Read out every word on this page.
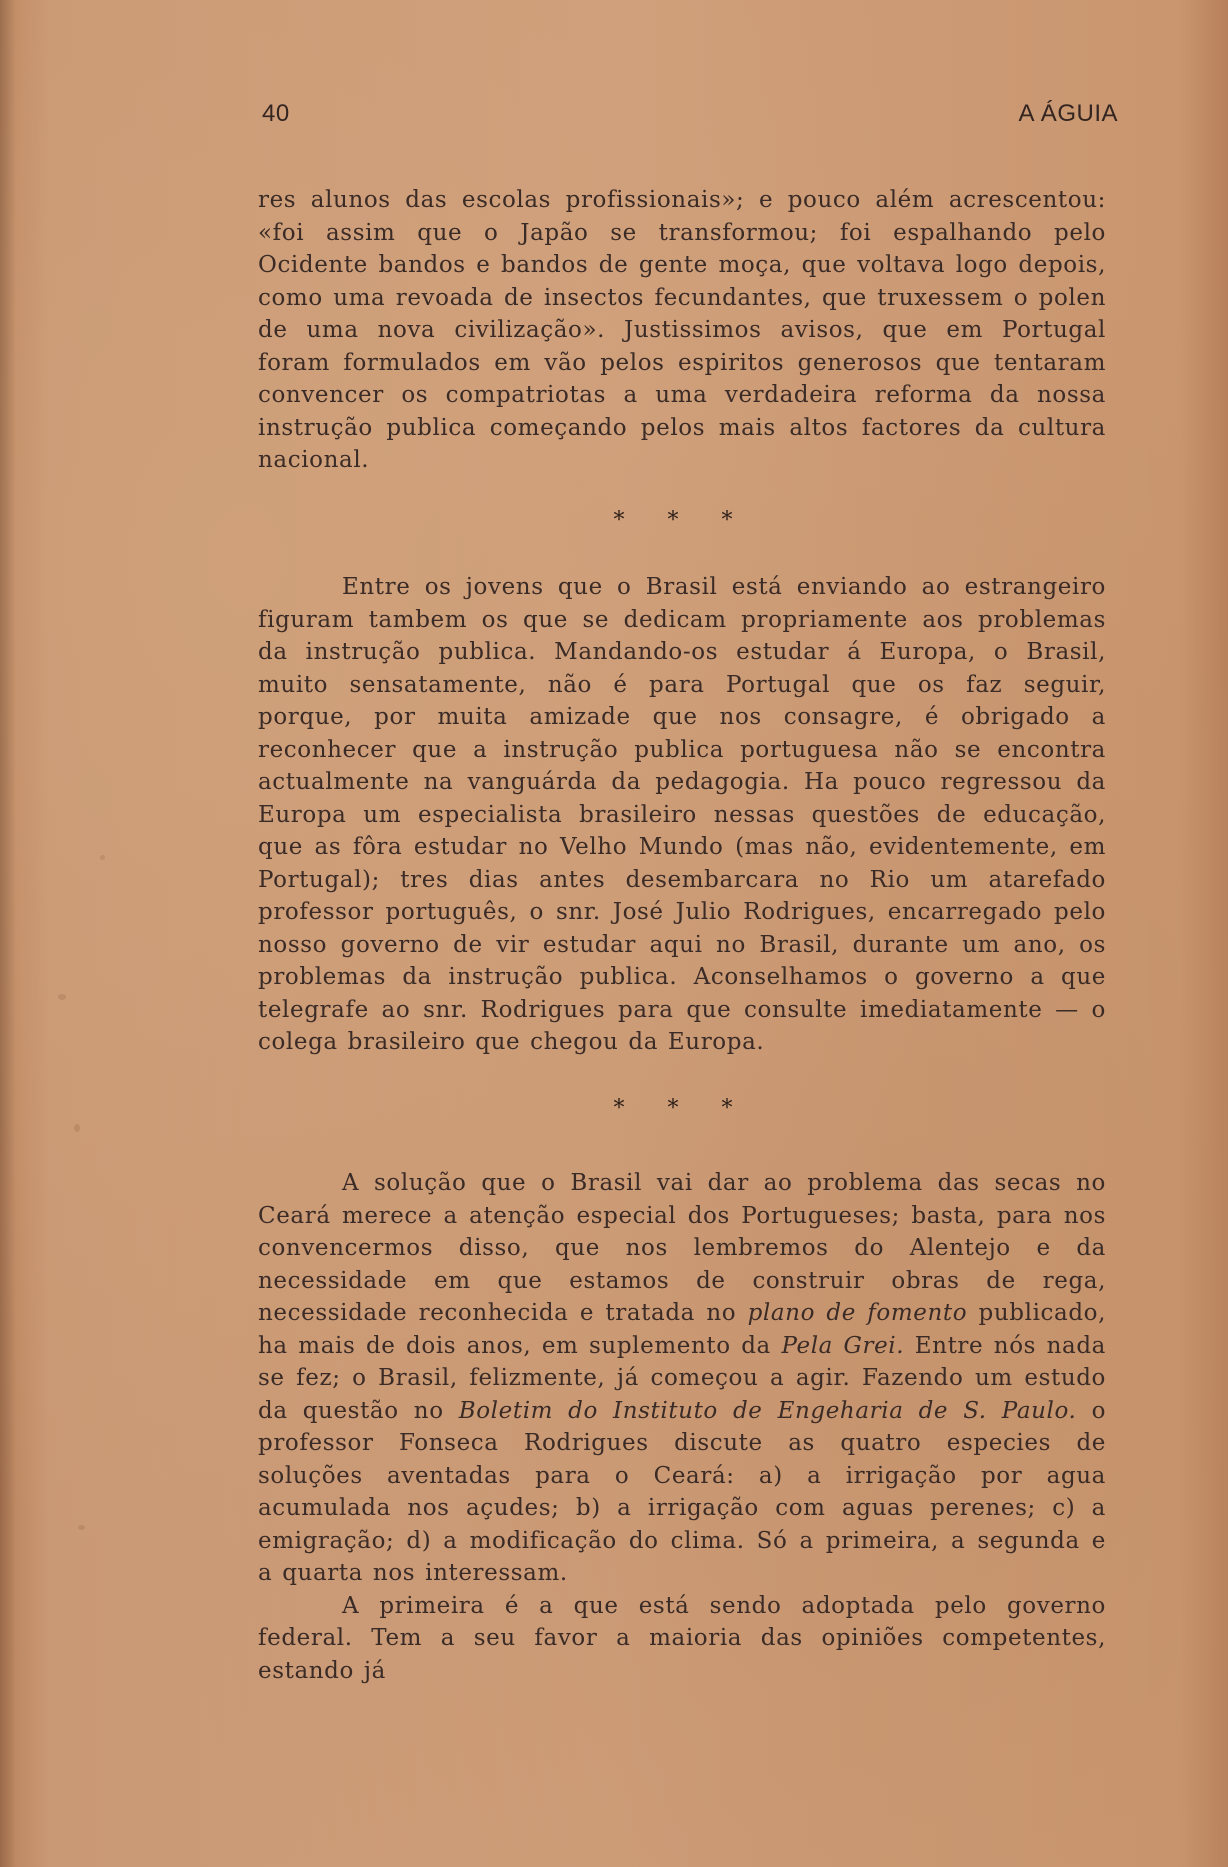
40	A ÁGUIA

res alunos das escolas profissionais»; e pouco além acrescentou: «foi assim que o Japão se transformou; foi espalhando pelo Ocidente bandos e bandos de gente moça, que voltava logo depois, como uma revoada de insectos fecundantes, que truxessem o polen de uma nova civilização». Justissimos avisos, que em Portugal foram formulados em vão pelos espiritos generosos que tentaram convencer os compatriotas a uma verdadeira reforma da nossa instrução publica começando pelos mais altos factores da cultura nacional.

* * *

Entre os jovens que o Brasil está enviando ao estrangeiro figuram tambem os que se dedicam propriamente aos problemas da instrução publica. Mandando-os estudar á Europa, o Brasil, muito sensatamente, não é para Portugal que os faz seguir, porque, por muita amizade que nos consagre, é obrigado a reconhecer que a instrução publica portuguesa não se encontra actualmente na vanguárda da pedagogia. Ha pouco regressou da Europa um especialista brasileiro nessas questões de educação, que as fôra estudar no Velho Mundo (mas não, evidentemente, em Portugal); tres dias antes desembarcara no Rio um atarefado professor português, o snr. José Julio Rodrigues, encarregado pelo nosso governo de vir estudar aqui no Brasil, durante um ano, os problemas da instrução publica. Aconselhamos o governo a que telegrafe ao snr. Rodrigues para que consulte imediatamente — o colega brasileiro que chegou da Europa.

* * *

A solução que o Brasil vai dar ao problema das secas no Ceará merece a atenção especial dos Portugueses; basta, para nos convencermos disso, que nos lembremos do Alentejo e da necessidade em que estamos de construir obras de rega, necessidade reconhecida e tratada no plano de fomento publicado, ha mais de dois anos, em suplemento da Pela Grei. Entre nós nada se fez; o Brasil, felizmente, já começou a agir. Fazendo um estudo da questão no Boletim do Instituto de Engeharia de S. Paulo. o professor Fonseca Rodrigues discute as quatro especies de soluções aventadas para o Ceará: a) a irrigação por agua acumulada nos açudes; b) a irrigação com aguas perenes; c) a emigração; d) a modificação do clima. Só a primeira, a segunda e a quarta nos interessam.

A primeira é a que está sendo adoptada pelo governo federal. Tem a seu favor a maioria das opiniões competentes, estando já
